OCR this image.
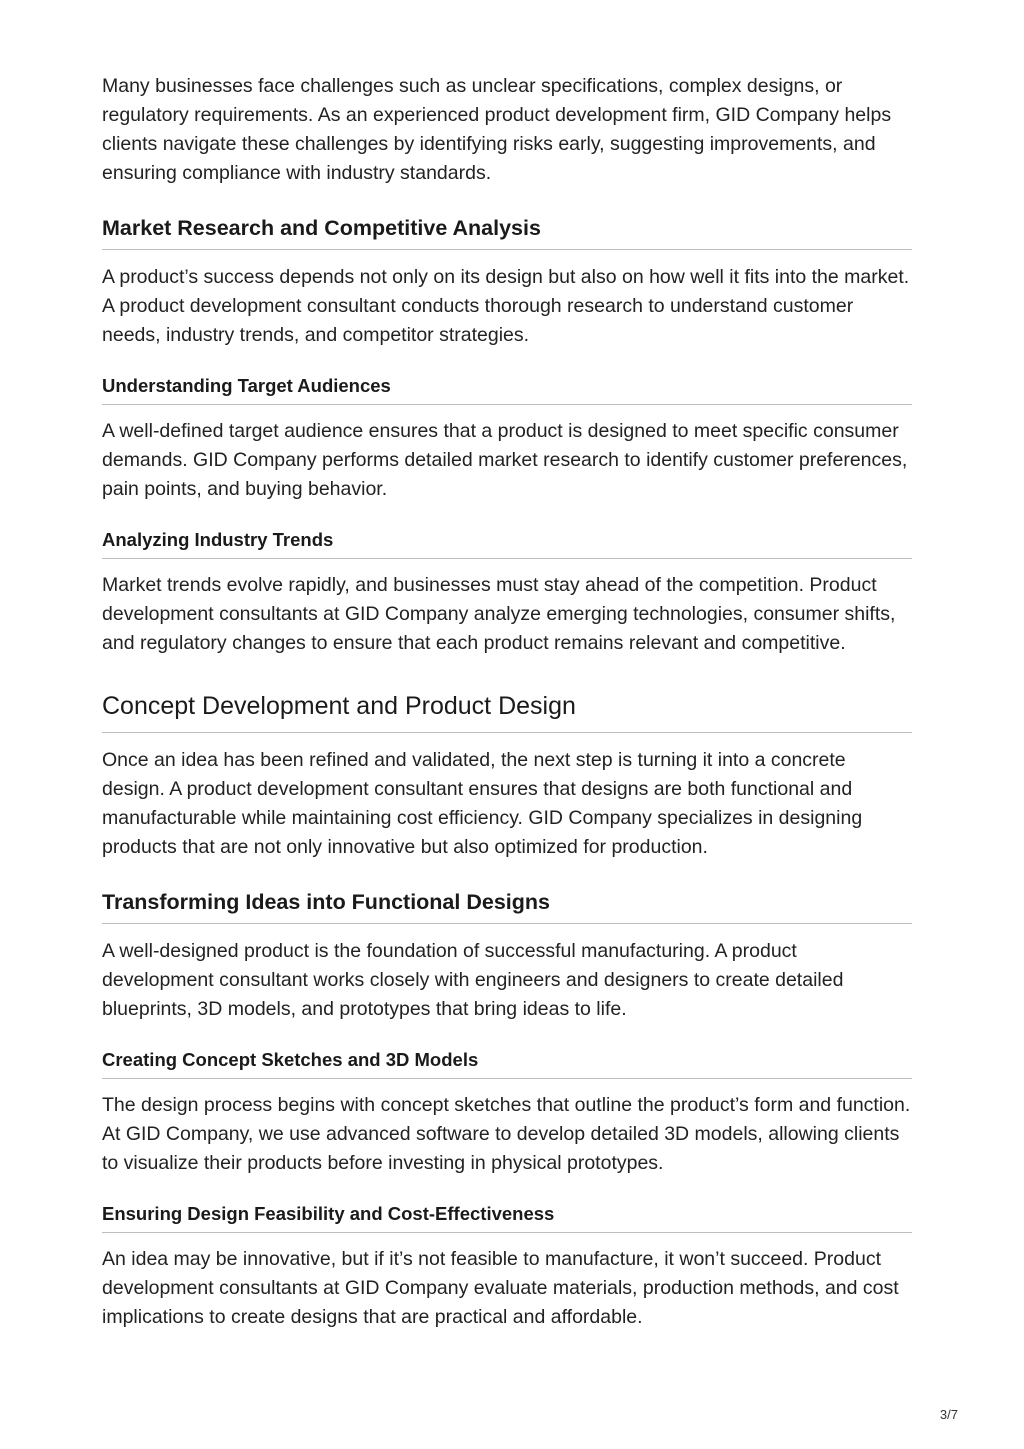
Many businesses face challenges such as unclear specifications, complex designs, or regulatory requirements. As an experienced product development firm, GID Company helps clients navigate these challenges by identifying risks early, suggesting improvements, and ensuring compliance with industry standards.

Market Research and Competitive Analysis

A product’s success depends not only on its design but also on how well it fits into the market. A product development consultant conducts thorough research to understand customer needs, industry trends, and competitor strategies.

Understanding Target Audiences

A well-defined target audience ensures that a product is designed to meet specific consumer demands. GID Company performs detailed market research to identify customer preferences, pain points, and buying behavior.

Analyzing Industry Trends

Market trends evolve rapidly, and businesses must stay ahead of the competition. Product development consultants at GID Company analyze emerging technologies, consumer shifts, and regulatory changes to ensure that each product remains relevant and competitive.

Concept Development and Product Design

Once an idea has been refined and validated, the next step is turning it into a concrete design. A product development consultant ensures that designs are both functional and manufacturable while maintaining cost efficiency. GID Company specializes in designing products that are not only innovative but also optimized for production.

Transforming Ideas into Functional Designs

A well-designed product is the foundation of successful manufacturing. A product development consultant works closely with engineers and designers to create detailed blueprints, 3D models, and prototypes that bring ideas to life.

Creating Concept Sketches and 3D Models

The design process begins with concept sketches that outline the product’s form and function. At GID Company, we use advanced software to develop detailed 3D models, allowing clients to visualize their products before investing in physical prototypes.

Ensuring Design Feasibility and Cost-Effectiveness

An idea may be innovative, but if it’s not feasible to manufacture, it won’t succeed. Product development consultants at GID Company evaluate materials, production methods, and cost implications to create designs that are practical and affordable.

3/7
